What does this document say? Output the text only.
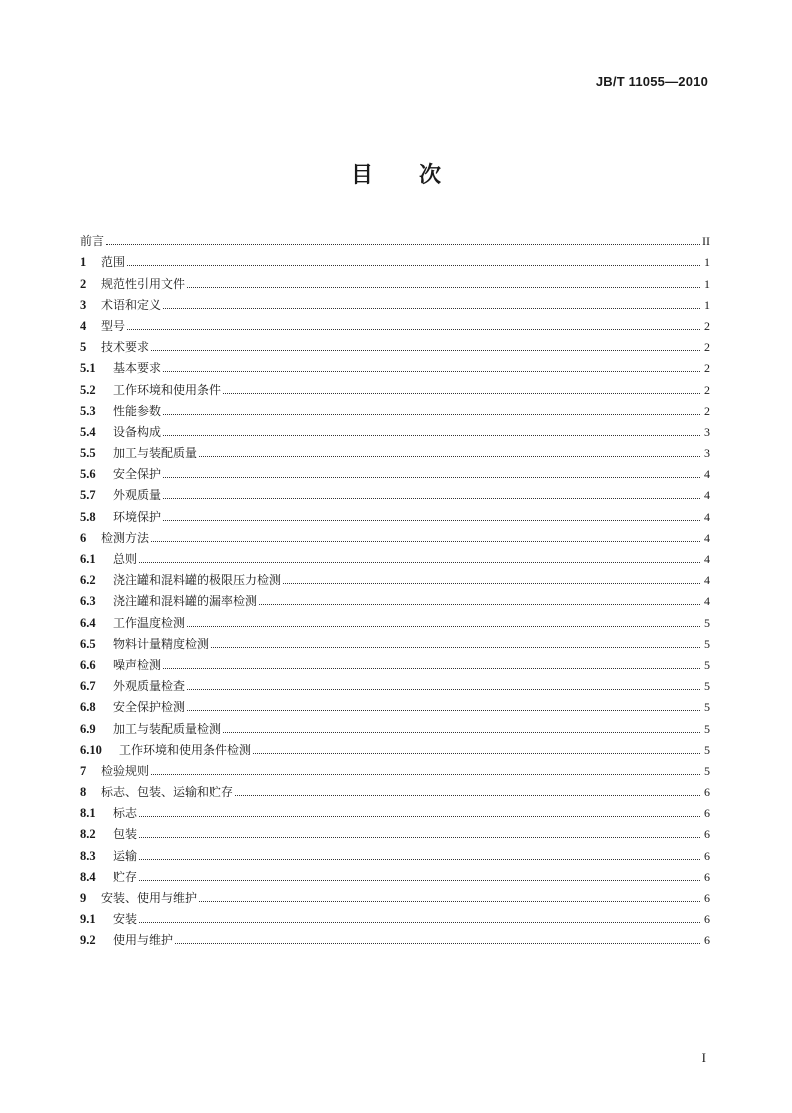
JB/T 11055—2010
目 次
前言	II
1	范围	1
2	规范性引用文件	1
3	术语和定义	1
4	型号	2
5	技术要求	2
5.1	基本要求	2
5.2	工作环境和使用条件	2
5.3	性能参数	2
5.4	设备构成	3
5.5	加工与装配质量	3
5.6	安全保护	4
5.7	外观质量	4
5.8	环境保护	4
6	检测方法	4
6.1	总则	4
6.2	浇注罐和混料罐的极限压力检测	4
6.3	浇注罐和混料罐的漏率检测	4
6.4	工作温度检测	5
6.5	物料计量精度检测	5
6.6	噪声检测	5
6.7	外观质量检查	5
6.8	安全保护检测	5
6.9	加工与装配质量检测	5
6.10	工作环境和使用条件检测	5
7	检验规则	5
8	标志、包装、运输和贮存	6
8.1	标志	6
8.2	包装	6
8.3	运输	6
8.4	贮存	6
9	安装、使用与维护	6
9.1	安装	6
9.2	使用与维护	6
I
